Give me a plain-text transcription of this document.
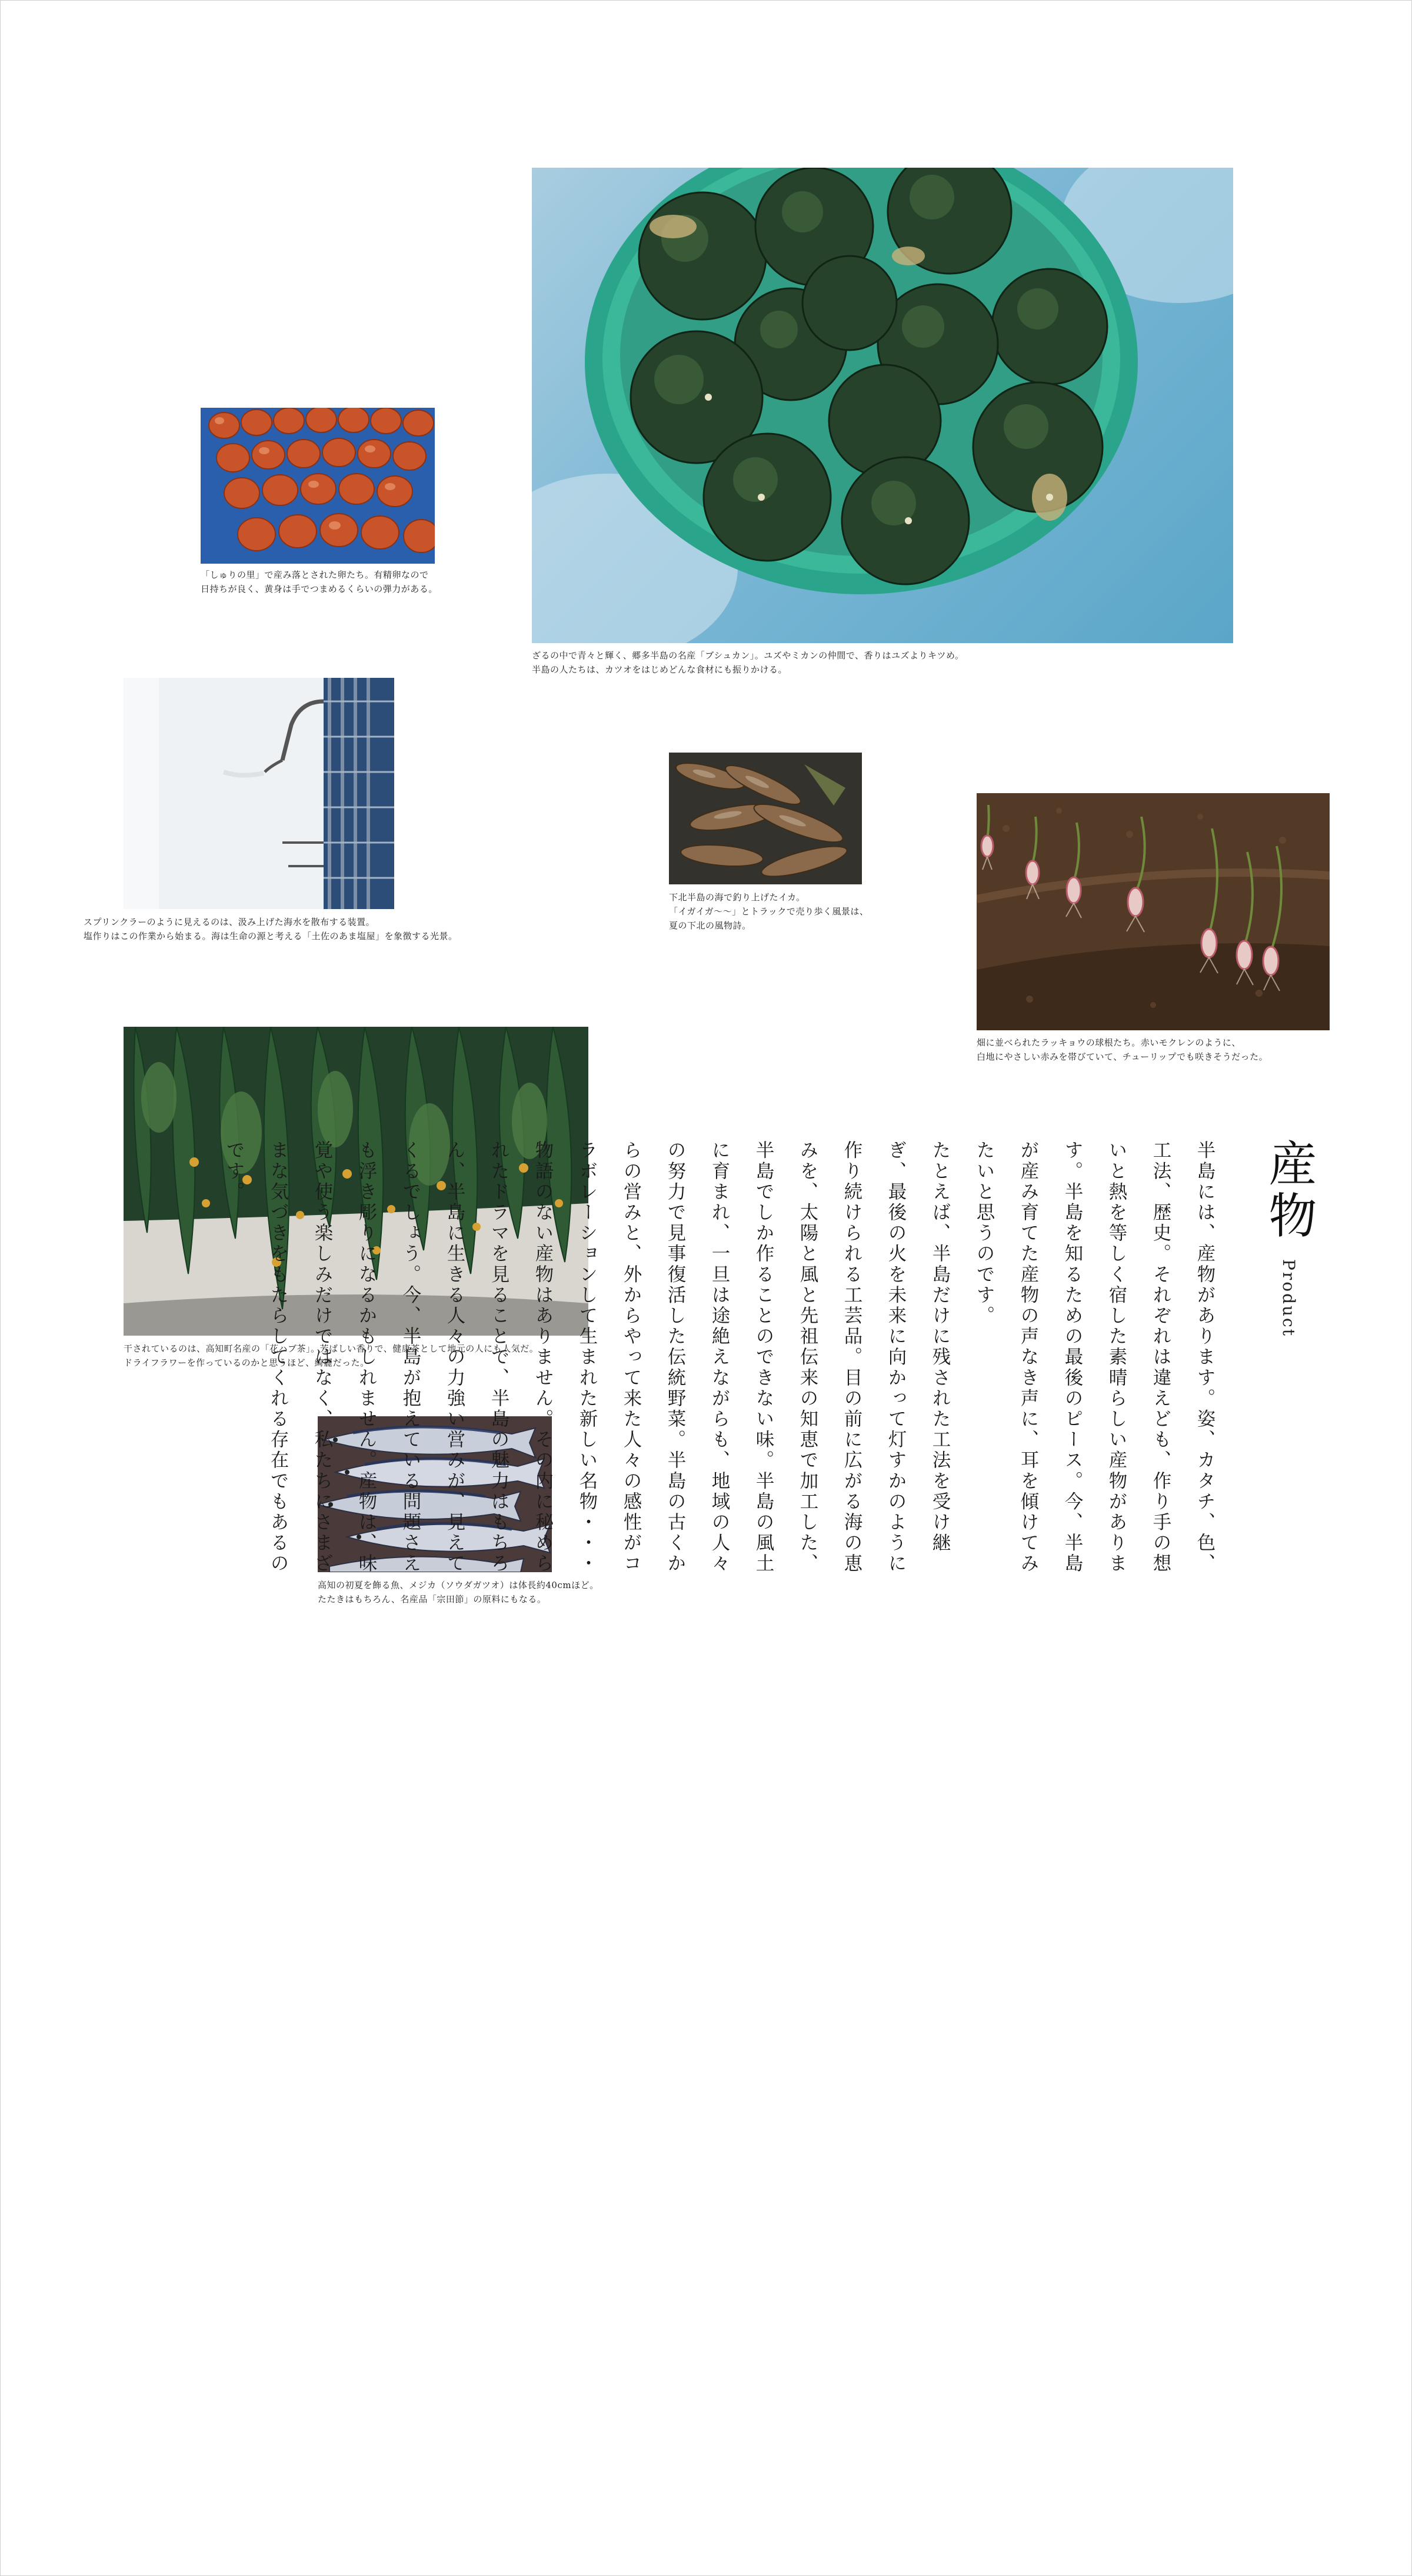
ざるの中で青々と輝く、郷多半島の名産「ブシュカン」。ユズやミカンの仲間で、香りはユズよりキツめ。
半島の人たちは、カツオをはじめどんな食材にも振りかける。
「しゅりの里」で産み落とされた卵たち。有精卵なので
日持ちが良く、黄身は手でつまめるくらいの弾力がある。
スプリンクラーのように見えるのは、汲み上げた海水を散布する装置。
塩作りはこの作業から始まる。海は生命の源と考える「土佐のあま塩屋」を象徴する光景。
下北半島の海で釣り上げたイカ。
「イガイガ〜〜」とトラックで売り歩く風景は、
夏の下北の風物詩。
畑に並べられたラッキョウの球根たち。赤いモクレンのように、
白地にやさしい赤みを帯びていて、チューリップでも咲きそうだった。
干されているのは、高知町名産の「花ハブ茶」。芳ばしい香りで、健康茶として地元の人にも人気だ。
ドライフラワーを作っているのかと思うほど、綺麗だった。
高知の初夏を飾る魚、メジカ（ソウダガツオ）は体長約40cmほど。
たたきはもちろん、名産品「宗田節」の原料にもなる。
産物
Product

半島には、産物があります。姿、カタチ、色、工法、歴史。それぞれは違えども、作り手の想いと熱を等しく宿した素晴らしい産物があります。半島を知るための最後のピース。今、半島が産み育てた産物の声なき声に、耳を傾けてみたいと思うのです。

たとえば、半島だけに残された工法を受け継ぎ、最後の火を未来に向かって灯すかのように作り続けられる工芸品。目の前に広がる海の恵みを、太陽と風と先祖伝来の知恵で加工した、半島でしか作ることのできない味。半島の風土に育まれ、一旦は途絶えながらも、地域の人々の努力で見事復活した伝統野菜。半島の古くからの営みと、外からやって来た人々の感性がコラボレーションして生まれた新しい名物・・・

物語のない産物はありません。その内に秘められたドラマを見ることで、半島の魅力はもちろん、半島に生きる人々の力強い営みが、見えてくるでしょう。今、半島が抱えている問題さえも浮き彫りになるかもしれません。産物は、味覚や使う楽しみだけではなく、私たちにさまざまな気づきをもたらしてくれる存在でもあるのです。
